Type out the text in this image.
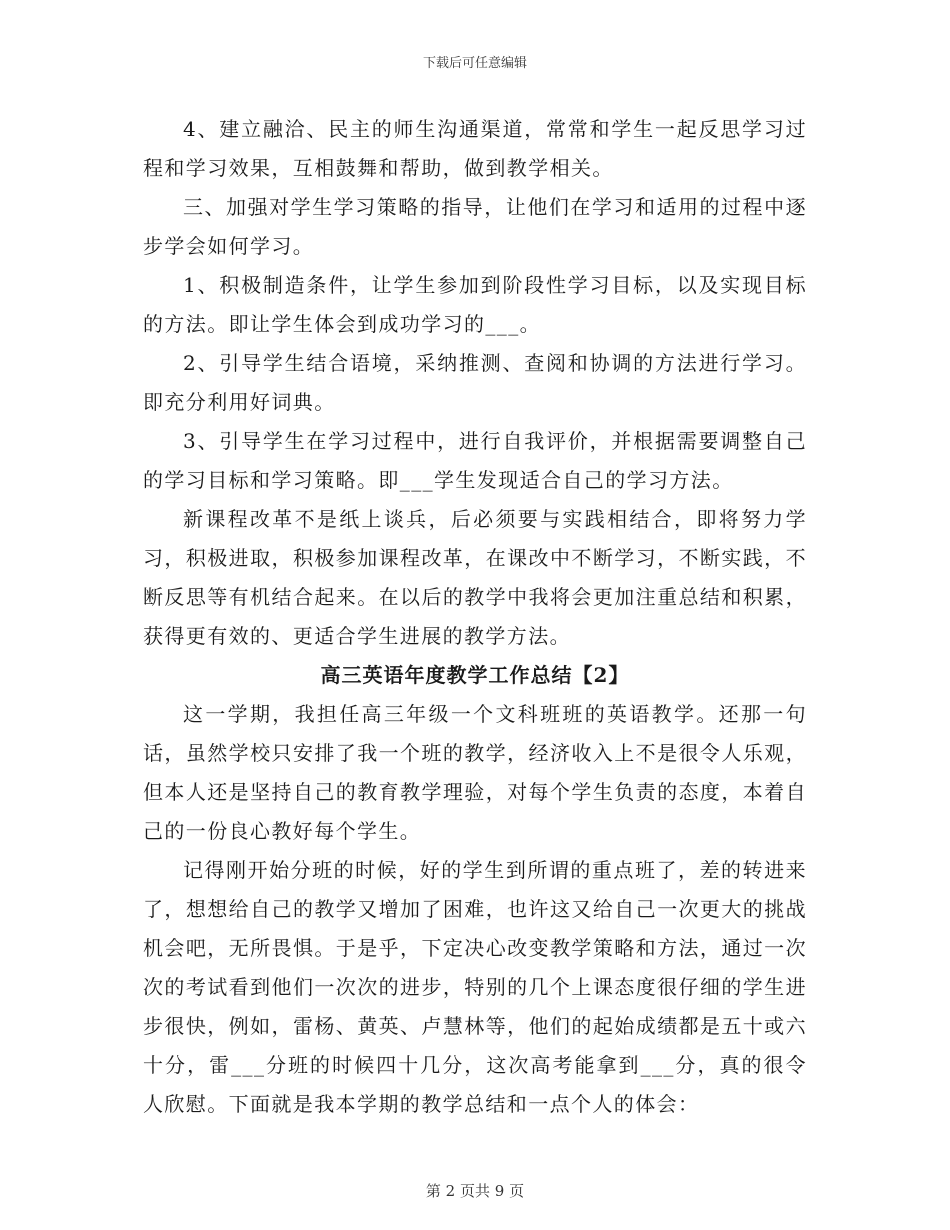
下载后可任意编辑

4、建立融洽、民主的师生沟通渠道，常常和学生一起反思学习过程和学习效果，互相鼓舞和帮助，做到教学相关。

三、加强对学生学习策略的指导，让他们在学习和适用的过程中逐步学会如何学习。

1、积极制造条件，让学生参加到阶段性学习目标，以及实现目标的方法。即让学生体会到成功学习的___。

2、引导学生结合语境，采纳推测、查阅和协调的方法进行学习。即充分利用好词典。

3、引导学生在学习过程中，进行自我评价，并根据需要调整自己的学习目标和学习策略。即___学生发现适合自己的学习方法。

新课程改革不是纸上谈兵，后必须要与实践相结合，即将努力学习，积极进取，积极参加课程改革，在课改中不断学习，不断实践，不断反思等有机结合起来。在以后的教学中我将会更加注重总结和积累，获得更有效的、更适合学生进展的教学方法。

高三英语年度教学工作总结【2】

这一学期，我担任高三年级一个文科班班的英语教学。还那一句话，虽然学校只安排了我一个班的教学，经济收入上不是很令人乐观，但本人还是坚持自己的教育教学理验，对每个学生负责的态度，本着自己的一份良心教好每个学生。

记得刚开始分班的时候，好的学生到所谓的重点班了，差的转进来了，想想给自己的教学又增加了困难，也许这又给自己一次更大的挑战机会吧，无所畏惧。于是乎，下定决心改变教学策略和方法，通过一次次的考试看到他们一次次的进步，特别的几个上课态度很仔细的学生进步很快，例如，雷杨、黄英、卢慧林等，他们的起始成绩都是五十或六十分，雷___分班的时候四十几分，这次高考能拿到___分，真的很令人欣慰。下面就是我本学期的教学总结和一点个人的体会：

第 2 页共 9 页
